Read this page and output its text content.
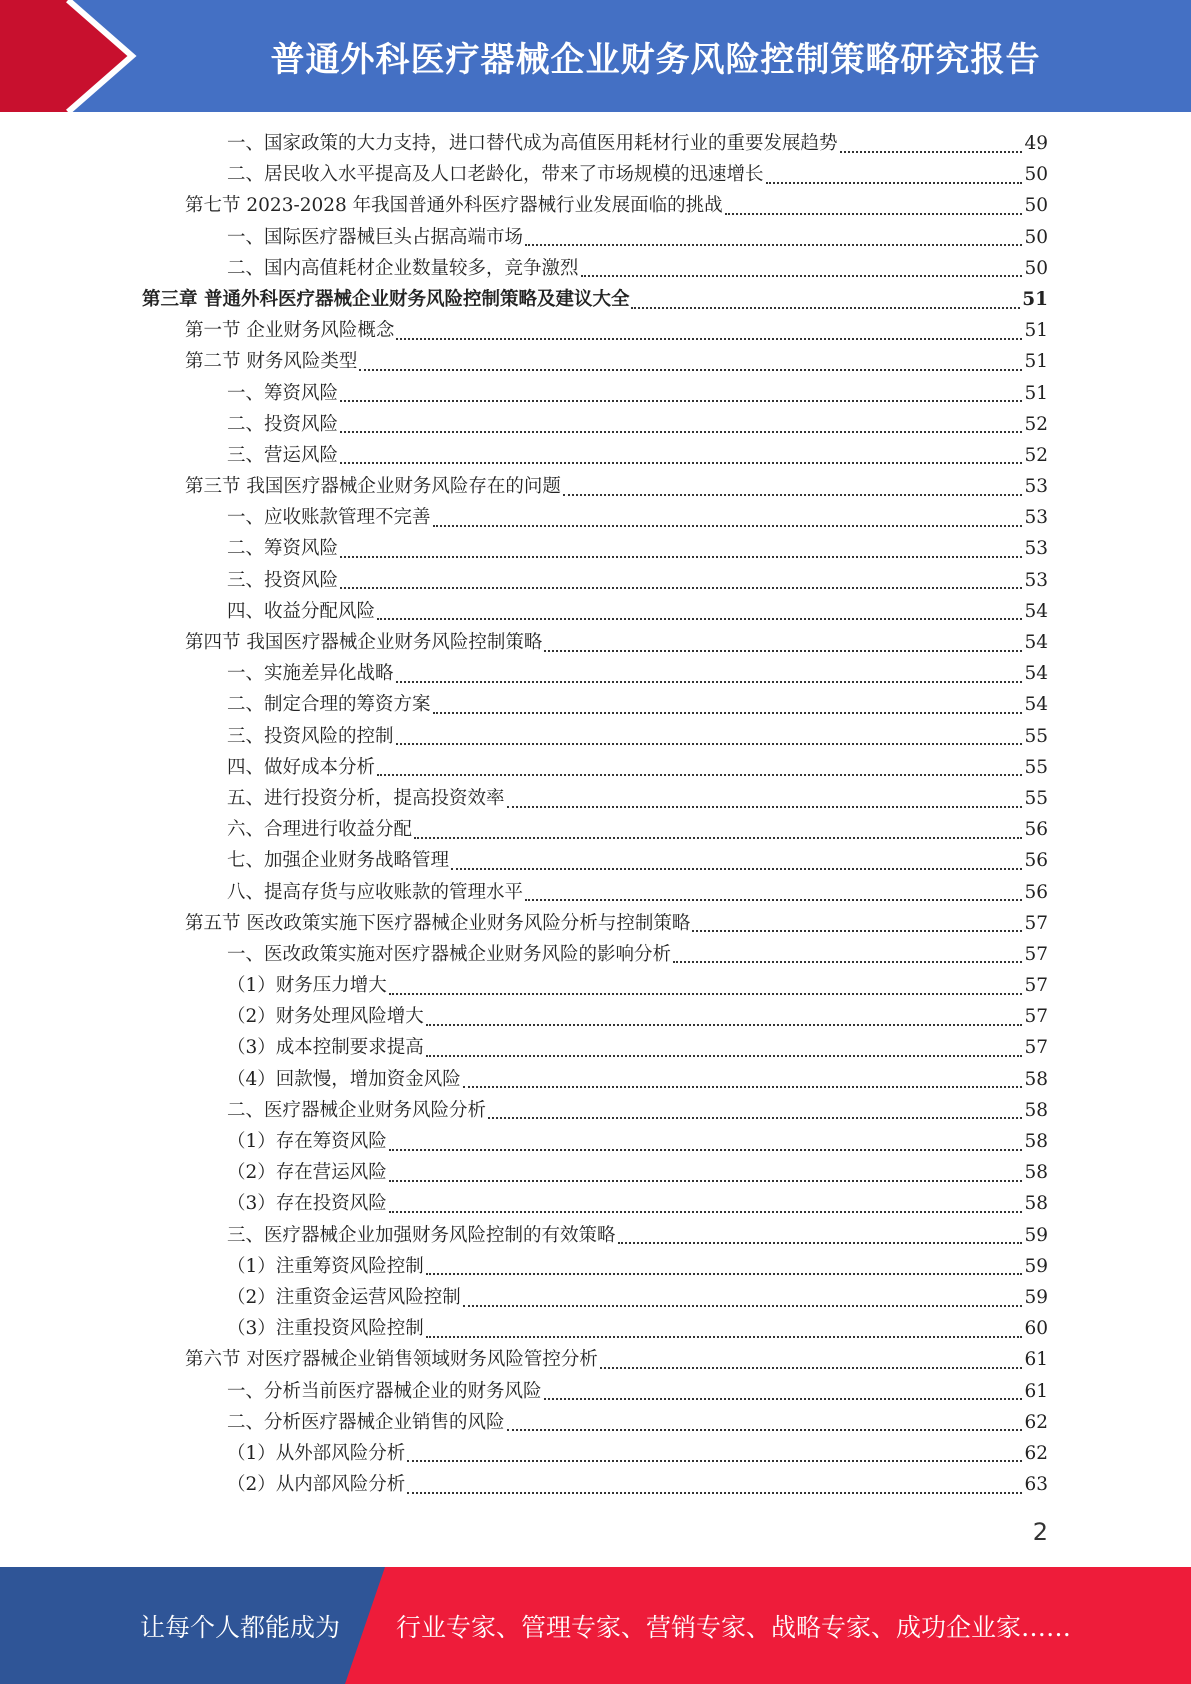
普通外科医疗器械企业财务风险控制策略研究报告
一、国家政策的大力支持，进口替代成为高值医用耗材行业的重要发展趋势	49
二、居民收入水平提高及人口老龄化，带来了市场规模的迅速增长	50
第七节 2023-2028 年我国普通外科医疗器械行业发展面临的挑战	50
一、国际医疗器械巨头占据高端市场	50
二、国内高值耗材企业数量较多，竞争激烈	50
第三章 普通外科医疗器械企业财务风险控制策略及建议大全	51
第一节 企业财务风险概念	51
第二节 财务风险类型	51
一、筹资风险	51
二、投资风险	52
三、营运风险	52
第三节 我国医疗器械企业财务风险存在的问题	53
一、应收账款管理不完善	53
二、筹资风险	53
三、投资风险	53
四、收益分配风险	54
第四节 我国医疗器械企业财务风险控制策略	54
一、实施差异化战略	54
二、制定合理的筹资方案	54
三、投资风险的控制	55
四、做好成本分析	55
五、进行投资分析，提高投资效率	55
六、合理进行收益分配	56
七、加强企业财务战略管理	56
八、提高存货与应收账款的管理水平	56
第五节 医改政策实施下医疗器械企业财务风险分析与控制策略	57
一、医改政策实施对医疗器械企业财务风险的影响分析	57
（1）财务压力增大	57
（2）财务处理风险增大	57
（3）成本控制要求提高	57
（4）回款慢，增加资金风险	58
二、医疗器械企业财务风险分析	58
（1）存在筹资风险	58
（2）存在营运风险	58
（3）存在投资风险	58
三、医疗器械企业加强财务风险控制的有效策略	59
（1）注重筹资风险控制	59
（2）注重资金运营风险控制	59
（3）注重投资风险控制	60
第六节 对医疗器械企业销售领域财务风险管控分析	61
一、分析当前医疗器械企业的财务风险	61
二、分析医疗器械企业销售的风险	62
（1）从外部风险分析	62
（2）从内部风险分析	63
2
让每个人都能成为 行业专家、管理专家、营销专家、战略专家、成功企业家……
